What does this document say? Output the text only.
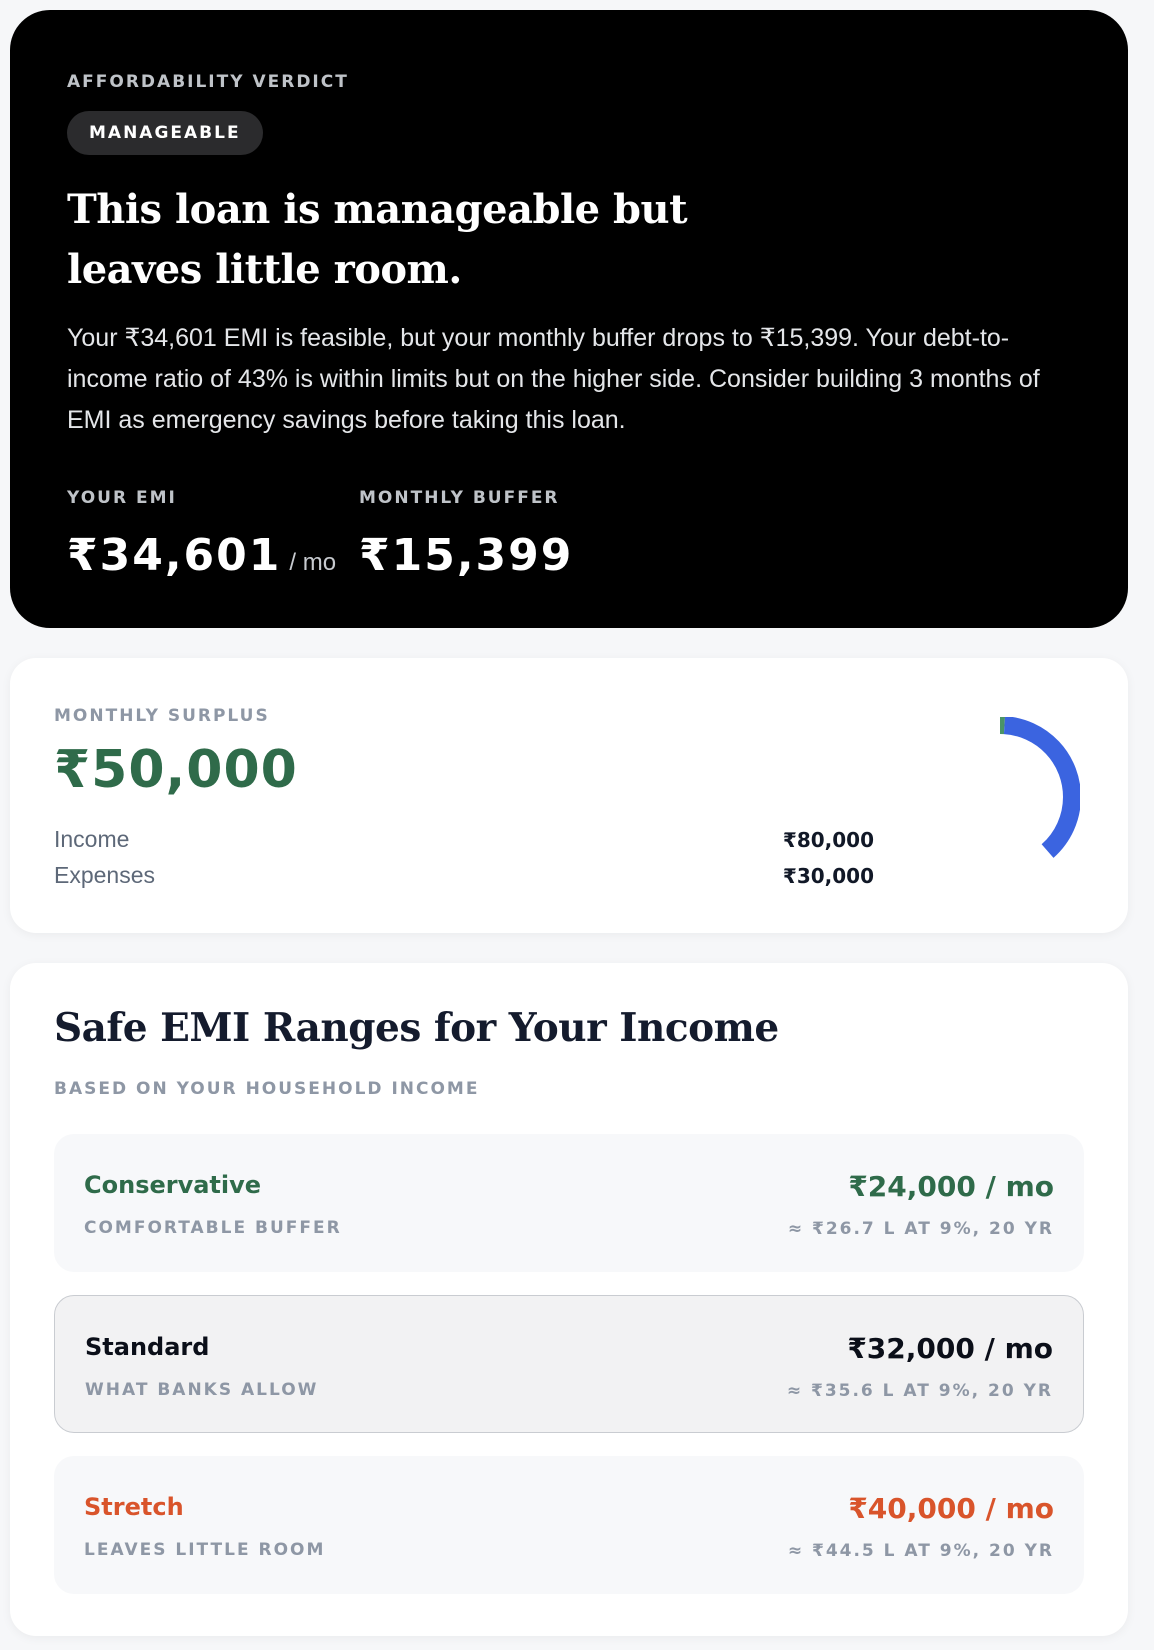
AFFORDABILITY VERDICT
MANAGEABLE
This loan is manageable but leaves little room.

Your ₹34,601 EMI is feasible, but your monthly buffer drops to ₹15,399. Your debt-to-income ratio of 43% is within limits but on the higher side. Consider building 3 months of EMI as emergency savings before taking this loan.

YOUR EMI
₹34,601 / mo
MONTHLY BUFFER
₹15,399
MONTHLY SURPLUS
₹50,000
Income	₹80,000
Expenses	₹30,000
Safe EMI Ranges for Your Income
BASED ON YOUR HOUSEHOLD INCOME
Conservative
COMFORTABLE BUFFER
₹24,000 / mo
≈ ₹26.7 L AT 9%, 20 YR
Standard
WHAT BANKS ALLOW
₹32,000 / mo
≈ ₹35.6 L AT 9%, 20 YR
Stretch
LEAVES LITTLE ROOM
₹40,000 / mo
≈ ₹44.5 L AT 9%, 20 YR
